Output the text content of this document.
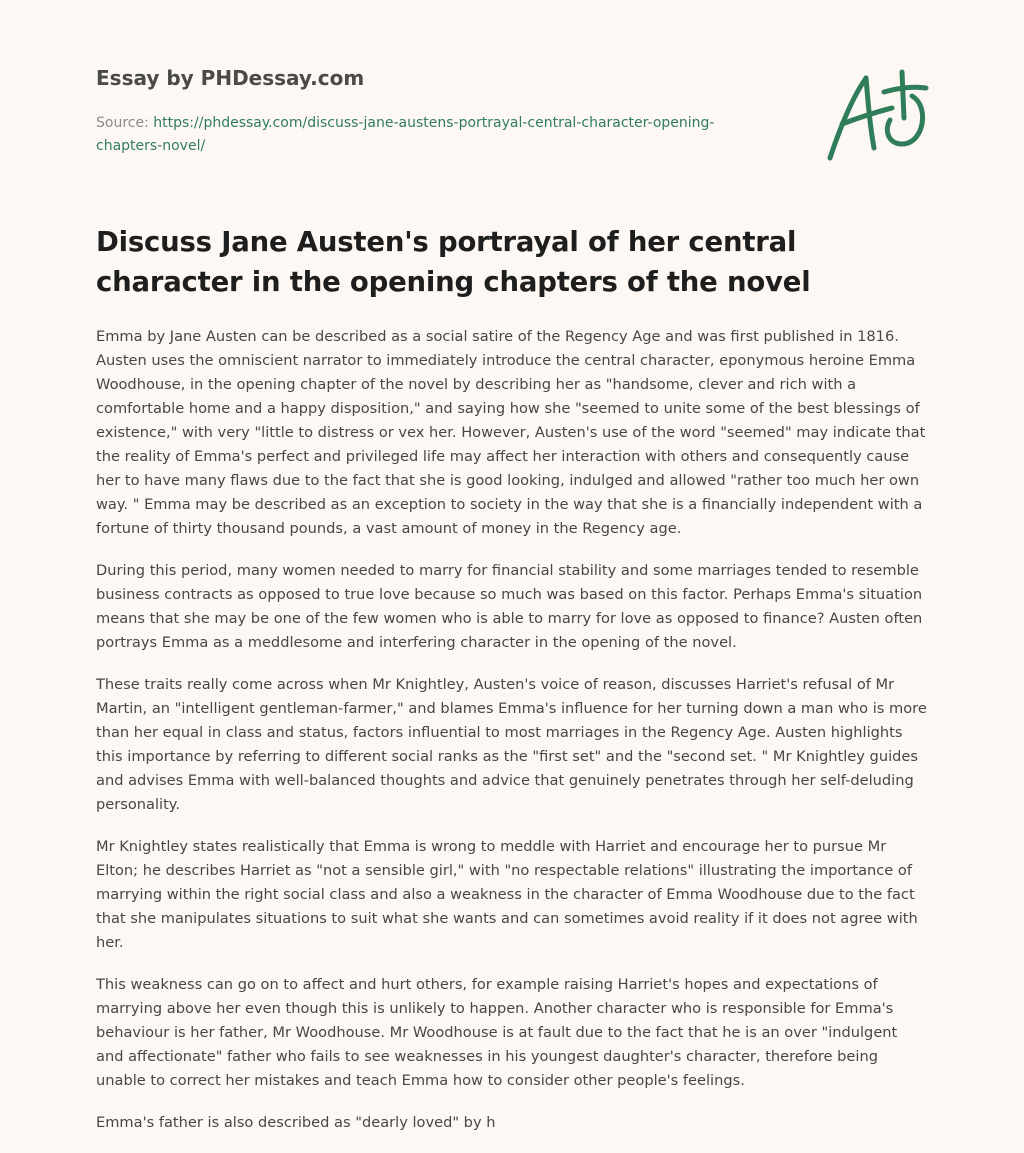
Essay by PHDessay.com

Source: https://phdessay.com/discuss-jane-austens-portrayal-central-character-opening-chapters-novel/
Discuss Jane Austen's portrayal of her central character in the opening chapters of the novel

Emma by Jane Austen can be described as a social satire of the Regency Age and was first published in 1816. Austen uses the omniscient narrator to immediately introduce the central character, eponymous heroine Emma Woodhouse, in the opening chapter of the novel by describing her as "handsome, clever and rich with a comfortable home and a happy disposition," and saying how she "seemed to unite some of the best blessings of existence," with very "little to distress or vex her. However, Austen's use of the word "seemed" may indicate that the reality of Emma's perfect and privileged life may affect her interaction with others and consequently cause her to have many flaws due to the fact that she is good looking, indulged and allowed "rather too much her own way. " Emma may be described as an exception to society in the way that she is a financially independent with a fortune of thirty thousand pounds, a vast amount of money in the Regency age.

During this period, many women needed to marry for financial stability and some marriages tended to resemble business contracts as opposed to true love because so much was based on this factor. Perhaps Emma's situation means that she may be one of the few women who is able to marry for love as opposed to finance? Austen often portrays Emma as a meddlesome and interfering character in the opening of the novel.

These traits really come across when Mr Knightley, Austen's voice of reason, discusses Harriet's refusal of Mr Martin, an "intelligent gentleman-farmer," and blames Emma's influence for her turning down a man who is more than her equal in class and status, factors influential to most marriages in the Regency Age. Austen highlights this importance by referring to different social ranks as the "first set" and the "second set. " Mr Knightley guides and advises Emma with well-balanced thoughts and advice that genuinely penetrates through her self-deluding personality.

Mr Knightley states realistically that Emma is wrong to meddle with Harriet and encourage her to pursue Mr Elton; he describes Harriet as "not a sensible girl," with "no respectable relations" illustrating the importance of marrying within the right social class and also a weakness in the character of Emma Woodhouse due to the fact that she manipulates situations to suit what she wants and can sometimes avoid reality if it does not agree with her.

This weakness can go on to affect and hurt others, for example raising Harriet's hopes and expectations of marrying above her even though this is unlikely to happen. Another character who is responsible for Emma's behaviour is her father, Mr Woodhouse. Mr Woodhouse is at fault due to the fact that he is an over "indulgent and affectionate" father who fails to see weaknesses in his youngest daughter's character, therefore being unable to correct her mistakes and teach Emma how to consider other people's feelings.

Emma's father is also described as "dearly loved" by h
